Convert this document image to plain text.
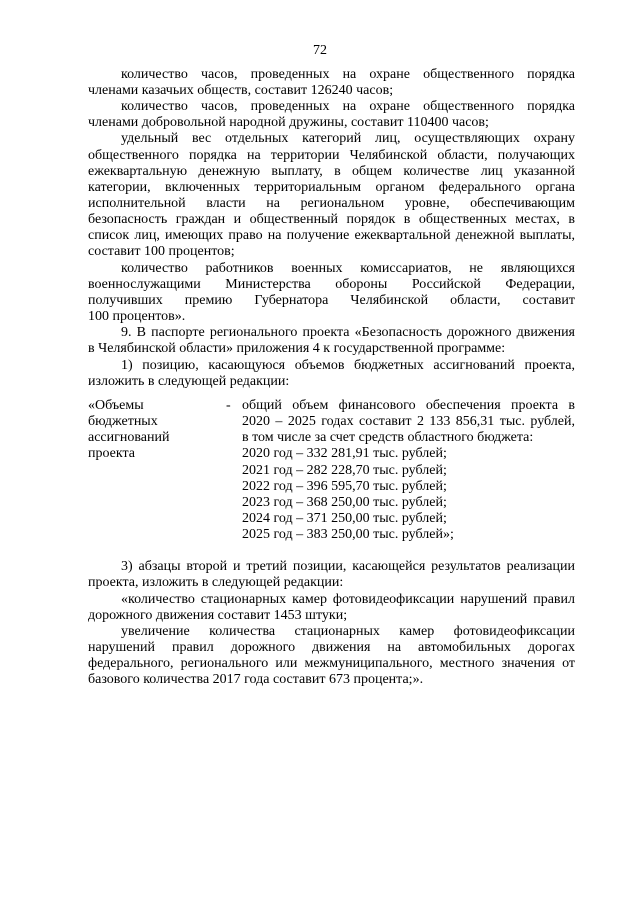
72
количество часов, проведенных на охране общественного порядка
членами казачьих обществ, составит 126240 часов;
количество часов, проведенных на охране общественного порядка
членами добровольной народной дружины, составит 110400 часов;
удельный вес отдельных категорий лиц, осуществляющих охрану
общественного порядка на территории Челябинской области, получающих
ежеквартальную денежную выплату, в общем количестве лиц указанной
категории, включенных территориальным органом федерального органа
исполнительной власти на региональном уровне, обеспечивающим
безопасность граждан и общественный порядок в общественных местах, в
список лиц, имеющих право на получение ежеквартальной денежной выплаты,
составит 100 процентов;
количество работников военных комиссариатов, не являющихся
военнослужащими Министерства обороны Российской Федерации,
получивших премию Губернатора Челябинской области, составит
100 процентов».
9. В паспорте регионального проекта «Безопасность дорожного движения
в Челябинской области» приложения 4 к государственной программе:
1) позицию, касающуюся объемов бюджетных ассигнований проекта,
изложить в следующей редакции:
«Объемы
бюджетных
ассигнований
проекта
- общий объем финансового обеспечения проекта в
2020 – 2025 годах составит 2 133 856,31 тыс. рублей,
в том числе за счет средств областного бюджета:
2020 год – 332 281,91 тыс. рублей;
2021 год – 282 228,70 тыс. рублей;
2022 год – 396 595,70 тыс. рублей;
2023 год – 368 250,00 тыс. рублей;
2024 год – 371 250,00 тыс. рублей;
2025 год – 383 250,00 тыс. рублей»;
3) абзацы второй и третий позиции, касающейся результатов реализации
проекта, изложить в следующей редакции:
«количество стационарных камер фотовидеофиксации нарушений правил
дорожного движения составит 1453 штуки;
увеличение количества стационарных камер фотовидеофиксации
нарушений правил дорожного движения на автомобильных дорогах
федерального, регионального или межмуниципального, местного значения от
базового количества 2017 года составит 673 процента;».
